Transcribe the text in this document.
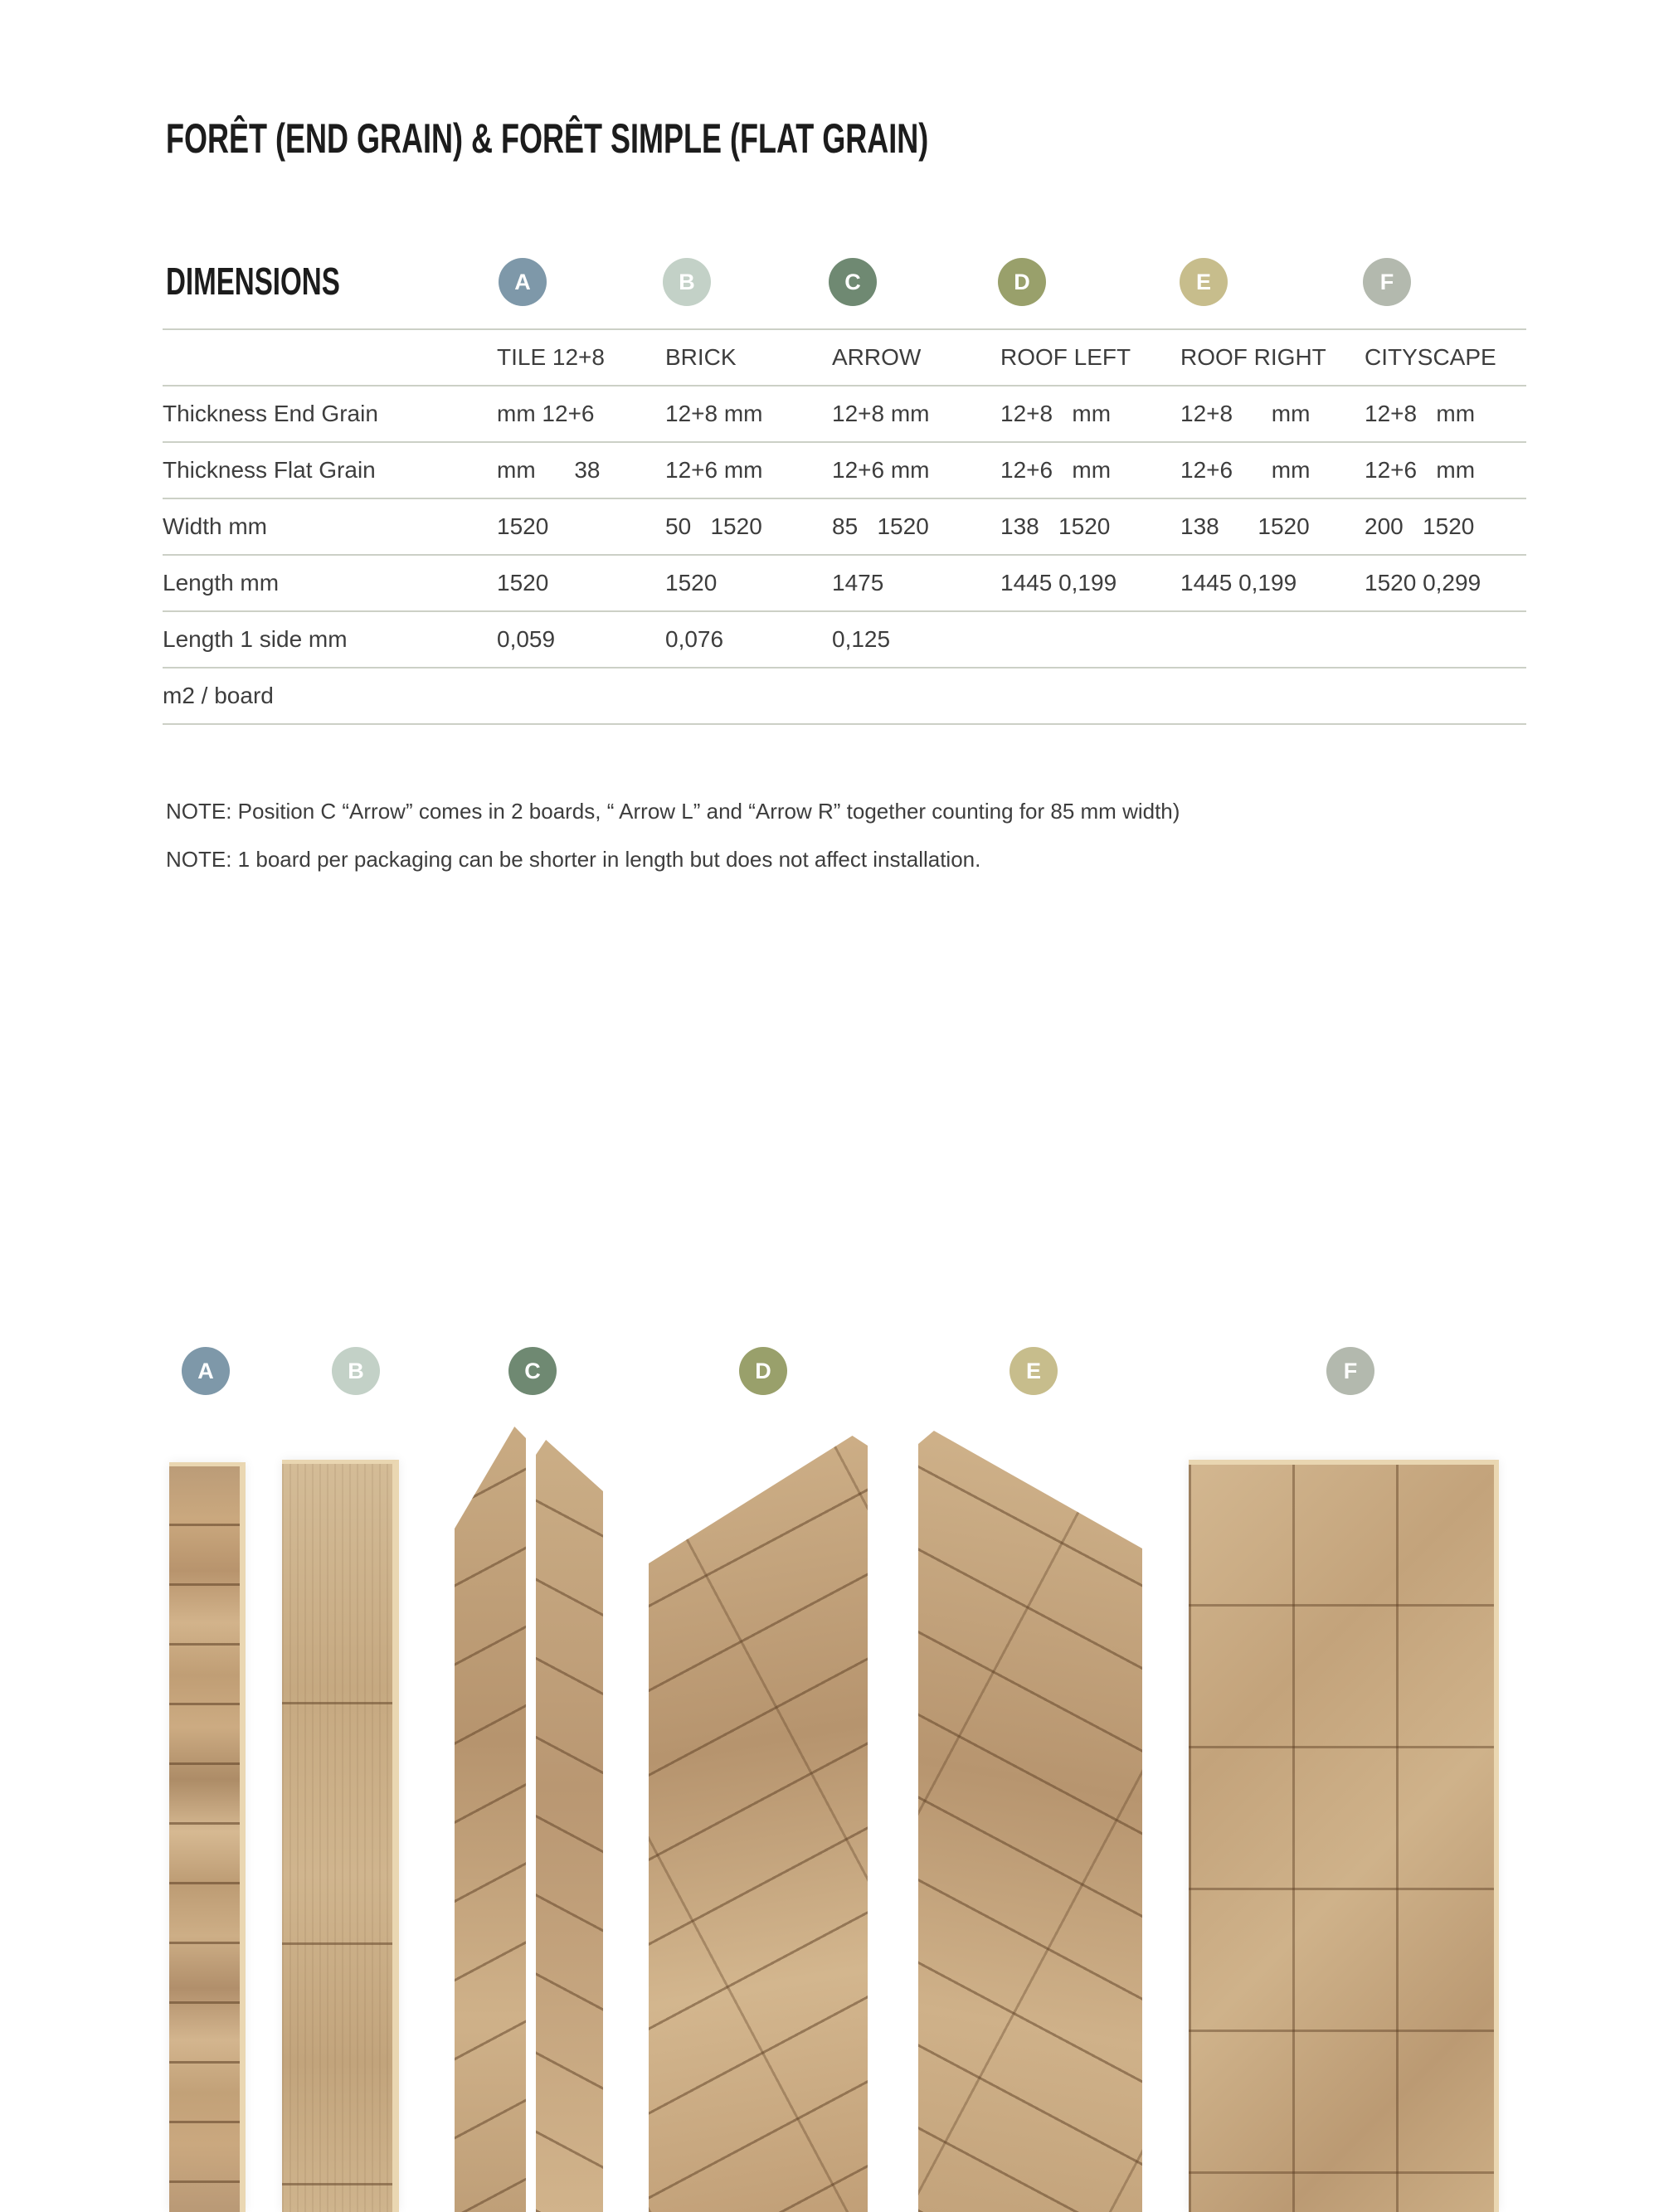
FORÊT (END GRAIN) & FORÊT SIMPLE (FLAT GRAIN)
DIMENSIONS	A	B	C	D	E	F
	TILE 12+8	BRICK	ARROW	ROOF LEFT	ROOF RIGHT	CITYSCAPE
Thickness End Grain	mm 12+6	12+8 mm	12+8 mm	12+8   mm	12+8      mm	12+8   mm
Thickness Flat Grain	mm      38	12+6 mm	12+6 mm	12+6   mm	12+6      mm	12+6   mm
Width mm	1520	50   1520	85   1520	138   1520	138      1520	200   1520
Length mm	1520	1520	1475	1445 0,199	1445 0,199	1520 0,299
Length 1 side mm	0,059	0,076	0,125			
m2 / board						

NOTE: Position C “Arrow” comes in 2 boards, “ Arrow L” and “Arrow R” together counting for 85 mm width)

NOTE: 1 board per packaging can be shorter in length but does not affect installation.

A	B	C	D	E	F
